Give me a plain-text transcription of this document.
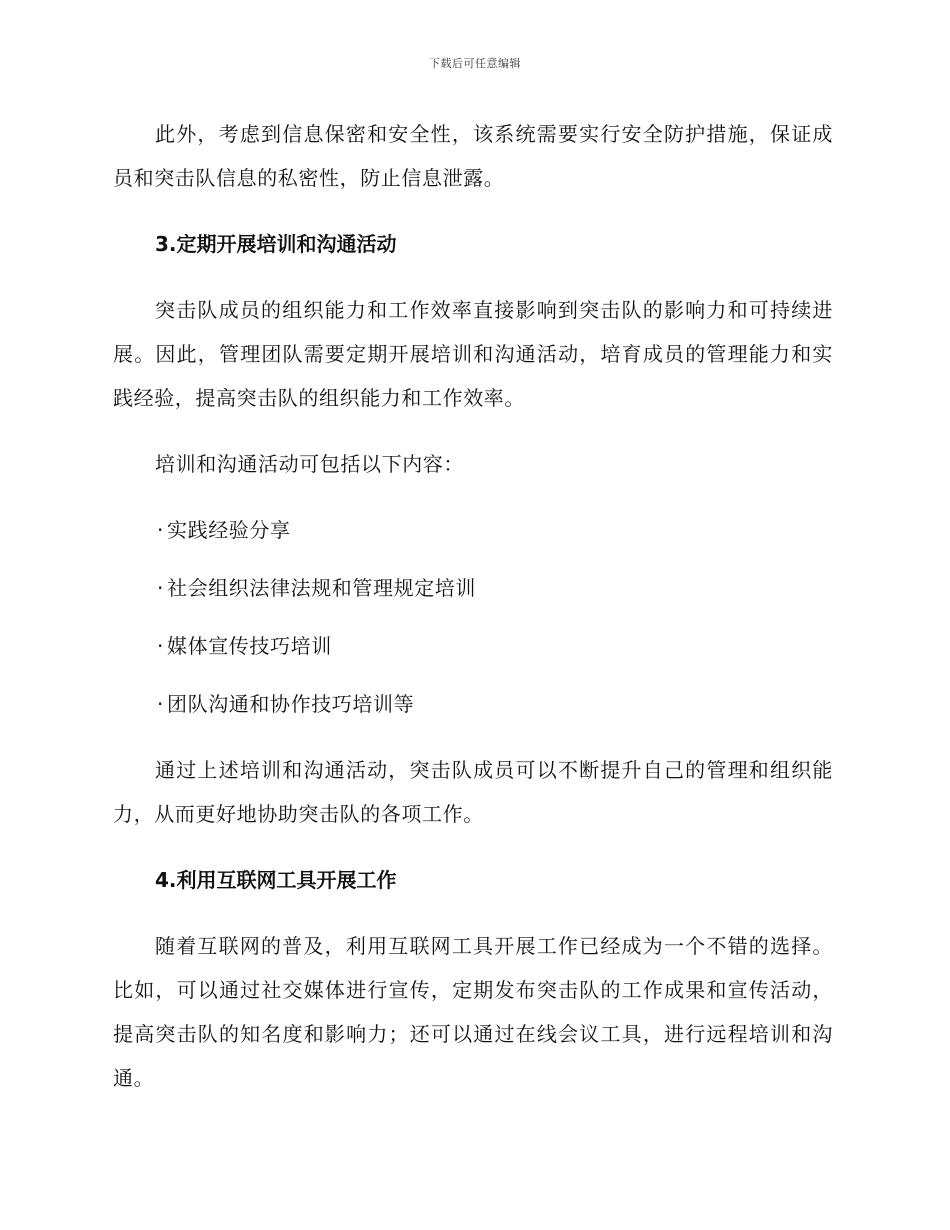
下载后可任意编辑

此外，考虑到信息保密和安全性，该系统需要实行安全防护措施，保证成员和突击队信息的私密性，防止信息泄露。

3.定期开展培训和沟通活动

突击队成员的组织能力和工作效率直接影响到突击队的影响力和可持续进展。因此，管理团队需要定期开展培训和沟通活动，培育成员的管理能力和实践经验，提高突击队的组织能力和工作效率。

培训和沟通活动可包括以下内容：

· 实践经验分享
· 社会组织法律法规和管理规定培训
· 媒体宣传技巧培训
· 团队沟通和协作技巧培训等

通过上述培训和沟通活动，突击队成员可以不断提升自己的管理和组织能力，从而更好地协助突击队的各项工作。

4.利用互联网工具开展工作

随着互联网的普及，利用互联网工具开展工作已经成为一个不错的选择。比如，可以通过社交媒体进行宣传，定期发布突击队的工作成果和宣传活动，提高突击队的知名度和影响力；还可以通过在线会议工具，进行远程培训和沟通。
